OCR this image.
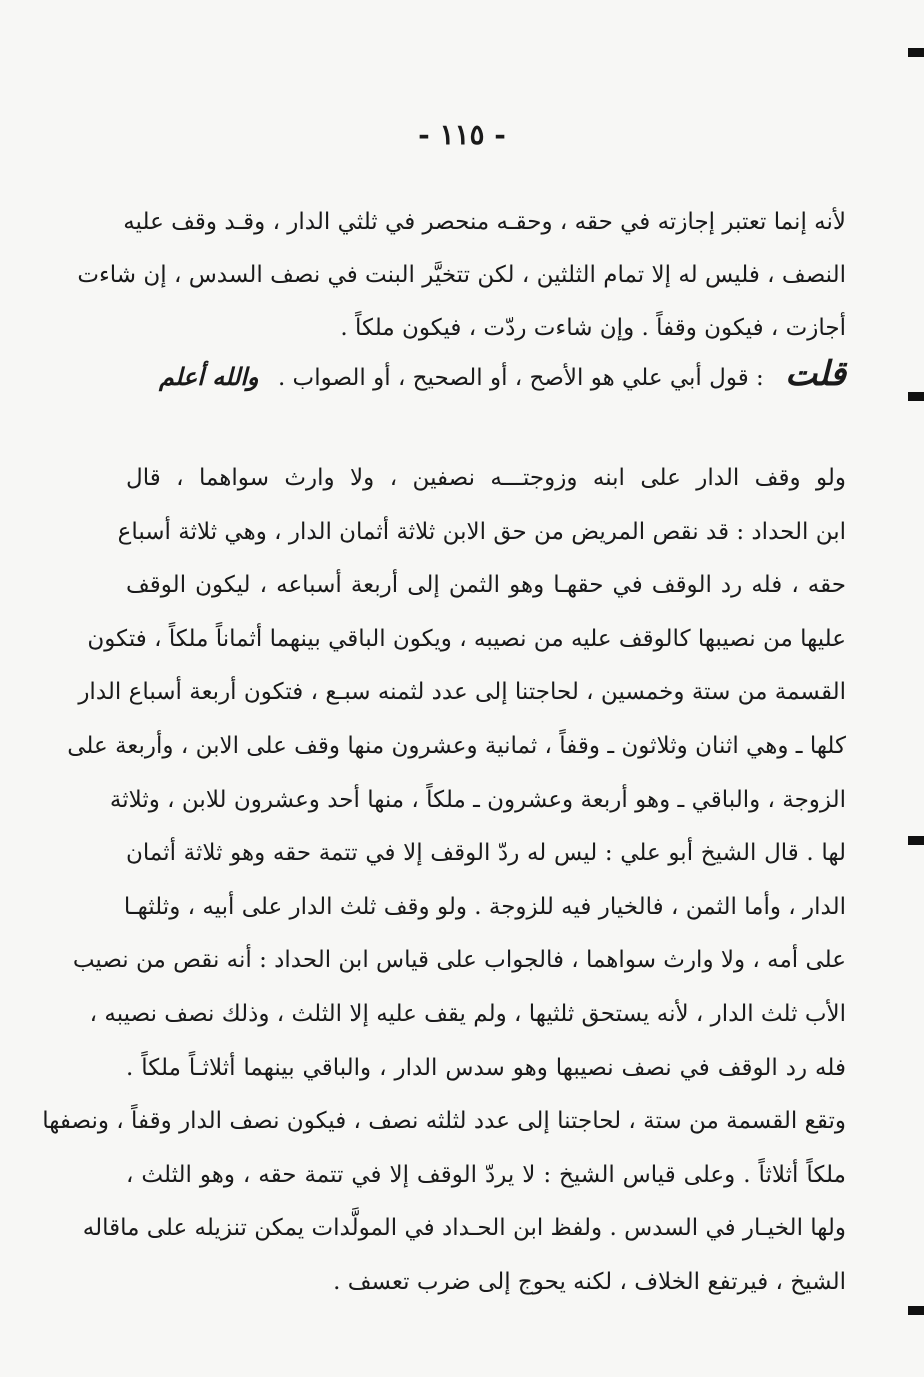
- ١١٥ -
لأنه إنما تعتبر إجازته في حقه ، وحقـه منحصر في ثلثي الدار ، وقـد وقف عليه
النصف ، فليس له إلا تمام الثلثين ، لكن تتخيَّر البنت في نصف السدس ، إن شاءت
أجازت ، فيكون وقفاً . وإن شاءت ردّت ، فيكون ملكاً .
قلت : قول أبي علي هو الأصح ، أو الصحيح ، أو الصواب . والله أعلم
ولو وقف الدار على ابنه وزوجتـــه نصفين ، ولا وارث سواهما ، قال
ابن الحداد : قد نقص المريض من حق الابن ثلاثة أثمان الدار ، وهي ثلاثة أسباع
حقه ، فله رد الوقف في حقهـا وهو الثمن إلى أربعة أسباعه ، ليكون الوقف
عليها من نصيبها كالوقف عليه من نصيبه ، ويكون الباقي بينهما أثماناً ملكاً ، فتكون
القسمة من ستة وخمسين ، لحاجتنا إلى عدد لثمنه سبـع ، فتكون أربعة أسباع الدار
كلها ـ وهي اثنان وثلاثون ـ وقفاً ، ثمانية وعشرون منها وقف على الابن ، وأربعة على
الزوجة ، والباقي ـ وهو أربعة وعشرون ـ ملكاً ، منها أحد وعشرون للابن ، وثلاثة
لها . قال الشيخ أبو علي : ليس له ردّ الوقف إلا في تتمة حقه وهو ثلاثة أثمان
الدار ، وأما الثمن ، فالخيار فيه للزوجة . ولو وقف ثلث الدار على أبيه ، وثلثهـا
على أمه ، ولا وارث سواهما ، فالجواب على قياس ابن الحداد : أنه نقص من نصيب
الأب ثلث الدار ، لأنه يستحق ثلثيها ، ولم يقف عليه إلا الثلث ، وذلك نصف نصيبه ،
فله رد الوقف في نصف نصيبها وهو سدس الدار ، والباقي بينهما أثلاثـاً ملكاً .
وتقع القسمة من ستة ، لحاجتنا إلى عدد لثلثه نصف ، فيكون نصف الدار وقفاً ، ونصفها
ملكاً أثلاثاً . وعلى قياس الشيخ : لا يردّ الوقف إلا في تتمة حقه ، وهو الثلث ،
ولها الخيـار في السدس . ولفظ ابن الحـداد في المولَّدات يمكن تنزيله على ماقاله
الشيخ ، فيرتفع الخلاف ، لكنه يحوج إلى ضرب تعسف .
